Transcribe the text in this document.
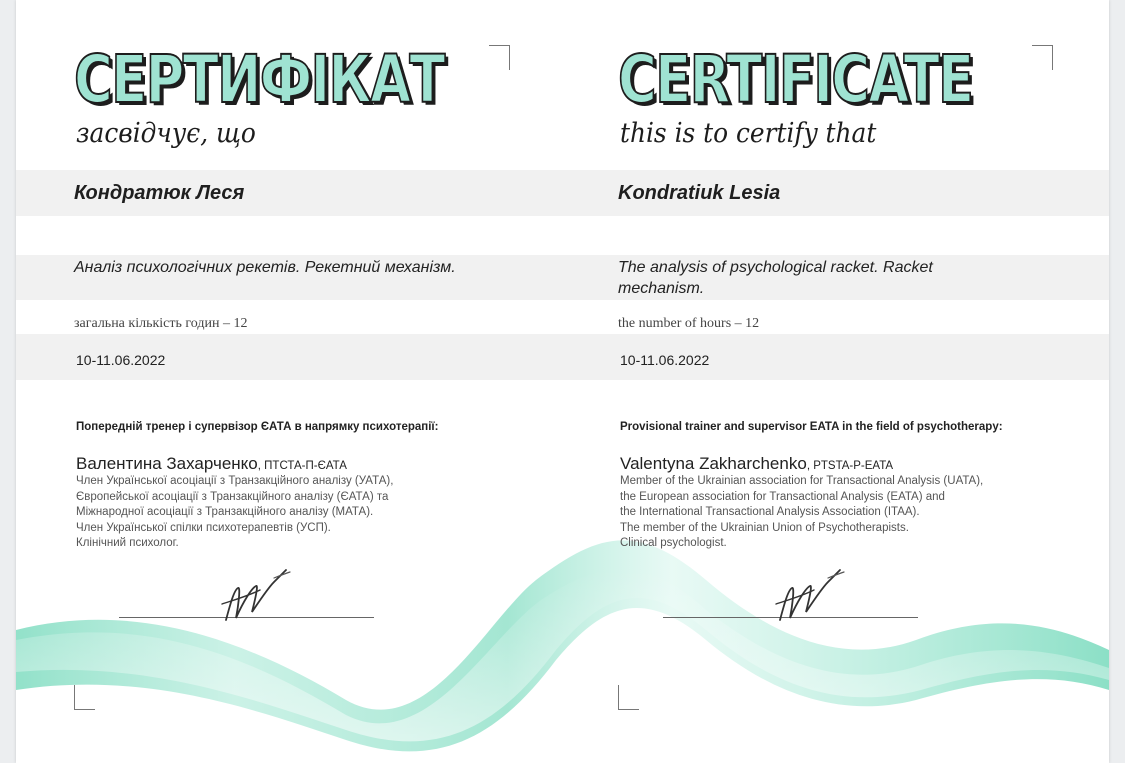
СЕРТИФІКАТ
засвідчує, що
Кондратюк Леся
Аналіз психологічних рекетів. Рекетний механізм.
загальна кількість годин – 12
10-11.06.2022
Попередній тренер і супервізор ЄАТА в напрямку психотерапії:
Валентина Захарченко, ПТСТА-П-ЄАТА
Член Української асоціації з Транзакційного аналізу (УАТА),
Європейської асоціації з Транзакційного аналізу (ЄАТА) та
Міжнародної асоціації з Транзакційного аналізу (МАТА).
Член Української спілки психотерапевтів (УСП).
Клінічний психолог.
CERTIFICATE
this is to certify that
Kondratiuk Lesia
The analysis of psychological racket. Racket mechanism.
the number of hours – 12
10-11.06.2022
Provisional trainer and supervisor EATA in the field of psychotherapy:
Valentyna Zakharchenko, PTSTA-P-EATA
Member of the Ukrainian association for Transactional Analysis (UATA),
the European association for Transactional Analysis (EATA) and
the International Transactional Analysis Association (ITAA).
The member of the Ukrainian Union of Psychotherapists.
Clinical psychologist.
